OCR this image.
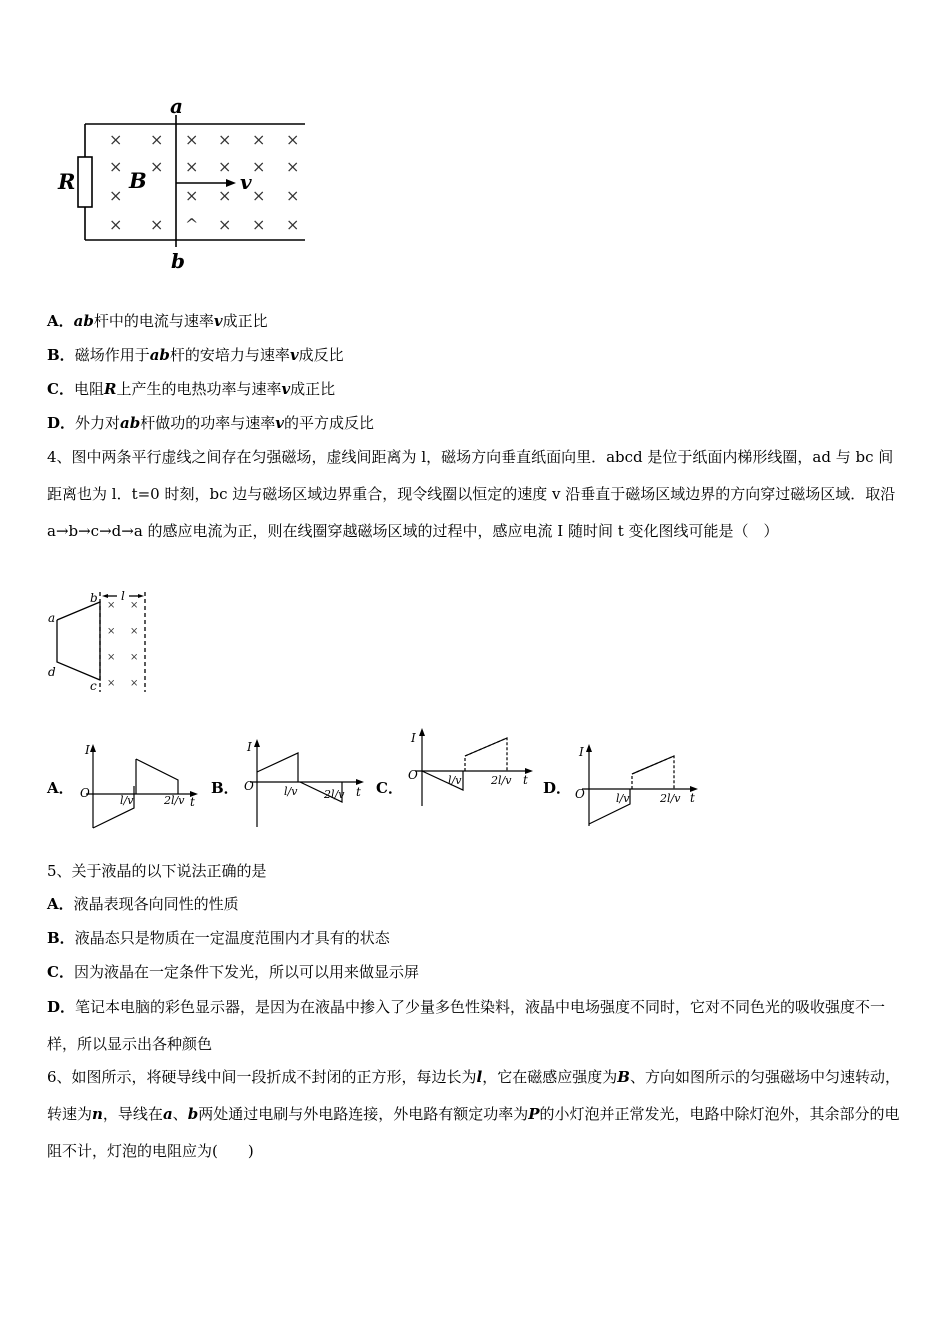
× × × × × ×
× × × × × ×
×	× × × ×
× × ^ × × ×
a
b
R	B	v
A．ab杆中的电流与速率v成正比
B．磁场作用于ab杆的安培力与速率v成反比
C．电阻R上产生的电热功率与速率v成正比
D．外力对ab杆做功的功率与速率v的平方成反比
4、图中两条平行虚线之间存在匀强磁场，虚线间距离为 l，磁场方向垂直纸面向里．abcd 是位于纸面内梯形线圈，ad 与 bc 间距离也为 l．t=0 时刻，bc 边与磁场区域边界重合，现令线圈以恒定的速度 v 沿垂直于磁场区域边界的方向穿过磁场区域．取沿 a→b→c→d→a 的感应电流为正，则在线圈穿越磁场区域的过程中，感应电流 I 随时间 t 变化图线可能是（　）
l
a
b
c
d
× ×
× ×
× ×
× ×
A．
I
O
l/v	2l/v t
B．
I
O	l/v 2l/v t C．
I
O	l/v	2l/v t D．
I
O	l/v	2l/v t
5、关于液晶的以下说法正确的是
A．液晶表现各向同性的性质
B．液晶态只是物质在一定温度范围内才具有的状态
C．因为液晶在一定条件下发光，所以可以用来做显示屏
D．笔记本电脑的彩色显示器，是因为在液晶中掺入了少量多色性染料，液晶中电场强度不同时，它对不同色光的吸收强度不一样，所以显示出各种颜色
6、如图所示，将硬导线中间一段折成不封闭的正方形，每边长为l，它在磁感应强度为B、方向如图所示的匀强磁场中匀速转动，转速为n，导线在a、b两处通过电刷与外电路连接，外电路有额定功率为P的小灯泡并正常发光，电路中除灯泡外，其余部分的电阻不计，灯泡的电阻应为(　　)
